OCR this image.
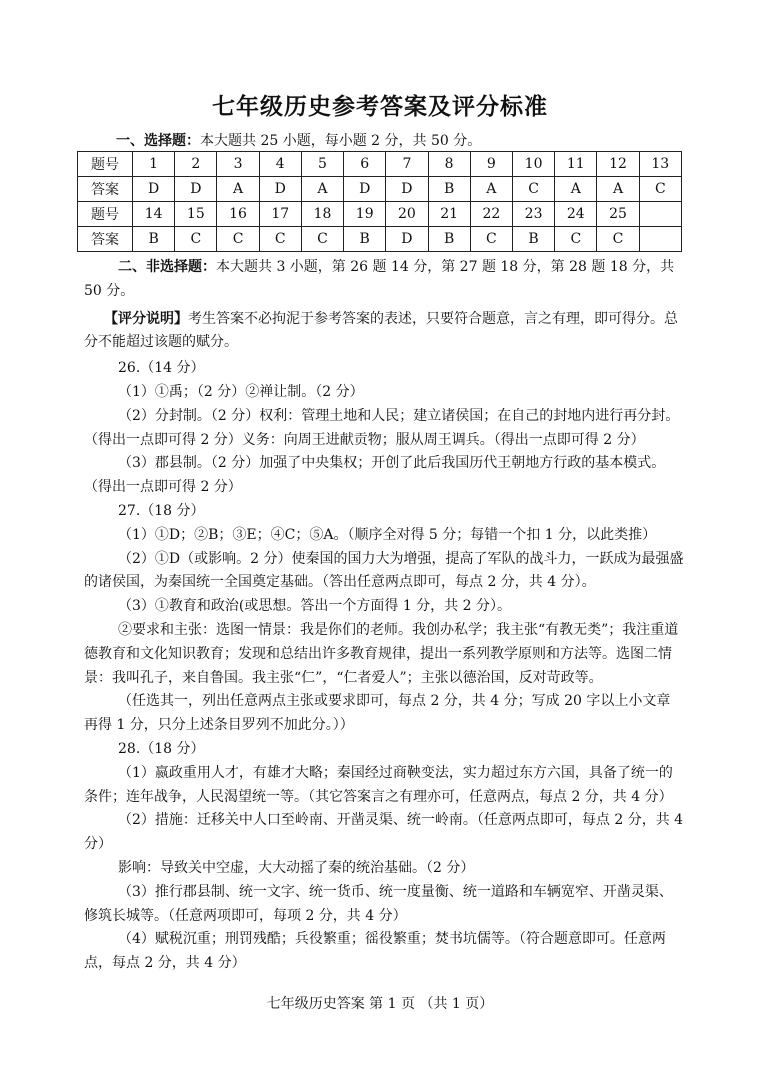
七年级历史参考答案及评分标准
一、选择题：本大题共 25 小题，每小题 2 分，共 50 分。
题号	1	2	3	4	5	6	7	8	9	10	11	12	13
答案	D	D	A	D	A	D	D	B	A	C	A	A	C
题号	14	15	16	17	18	19	20	21	22	23	24	25	
答案	B	C	C	C	C	B	D	B	C	B	C	C	

二、非选择题：本大题共 3 小题，第 26 题 14 分，第 27 题 18 分，第 28 题 18 分，共 50 分。

【评分说明】考生答案不必拘泥于参考答案的表述，只要符合题意，言之有理，即可得分。总分不能超过该题的赋分。

26.（14 分）

（1）①禹；（2 分）②禅让制。（2 分）

（2）分封制。（2 分）权利：管理土地和人民；建立诸侯国；在自己的封地内进行再分封。（得出一点即可得 2 分）义务：向周王进献贡物；服从周王调兵。（得出一点即可得 2 分）

（3）郡县制。（2 分）加强了中央集权；开创了此后我国历代王朝地方行政的基本模式。（得出一点即可得 2 分）

27.（18 分）

（1）①D；②B；③E；④C；⑤A。（顺序全对得 5 分；每错一个扣 1 分，以此类推）

（2）①D（或影响。2 分）使秦国的国力大为增强，提高了军队的战斗力，一跃成为最强盛的诸侯国，为秦国统一全国奠定基础。（答出任意两点即可，每点 2 分，共 4 分）。

（3）①教育和政治(或思想。答出一个方面得 1 分，共 2 分）。

②要求和主张：选图一情景：我是你们的老师。我创办私学；我主张“有教无类”；我注重道德教育和文化知识教育；发现和总结出许多教育规律，提出一系列教学原则和方法等。选图二情景：我叫孔子，来自鲁国。我主张“仁”，“仁者爱人”；主张以德治国，反对苛政等。

（任选其一，列出任意两点主张或要求即可，每点 2 分，共 4 分；写成 20 字以上小文章再得 1 分，只分上述条目罗列不加此分。））

28.（18 分）

（1）嬴政重用人才，有雄才大略；秦国经过商鞅变法，实力超过东方六国，具备了统一的条件；连年战争，人民渴望统一等。（其它答案言之有理亦可，任意两点，每点 2 分，共 4 分）

（2）措施：迁移关中人口至岭南、开凿灵渠、统一岭南。（任意两点即可，每点 2 分，共 4 分）

影响：导致关中空虚，大大动摇了秦的统治基础。（2 分）

（3）推行郡县制、统一文字、统一货币、统一度量衡、统一道路和车辆宽窄、开凿灵渠、修筑长城等。（任意两项即可，每项 2 分，共 4 分）

（4）赋税沉重；刑罚残酷；兵役繁重；徭役繁重；焚书坑儒等。（符合题意即可。任意两点，每点 2 分，共 4 分）

七年级历史答案 第 1 页 （共 1 页）
